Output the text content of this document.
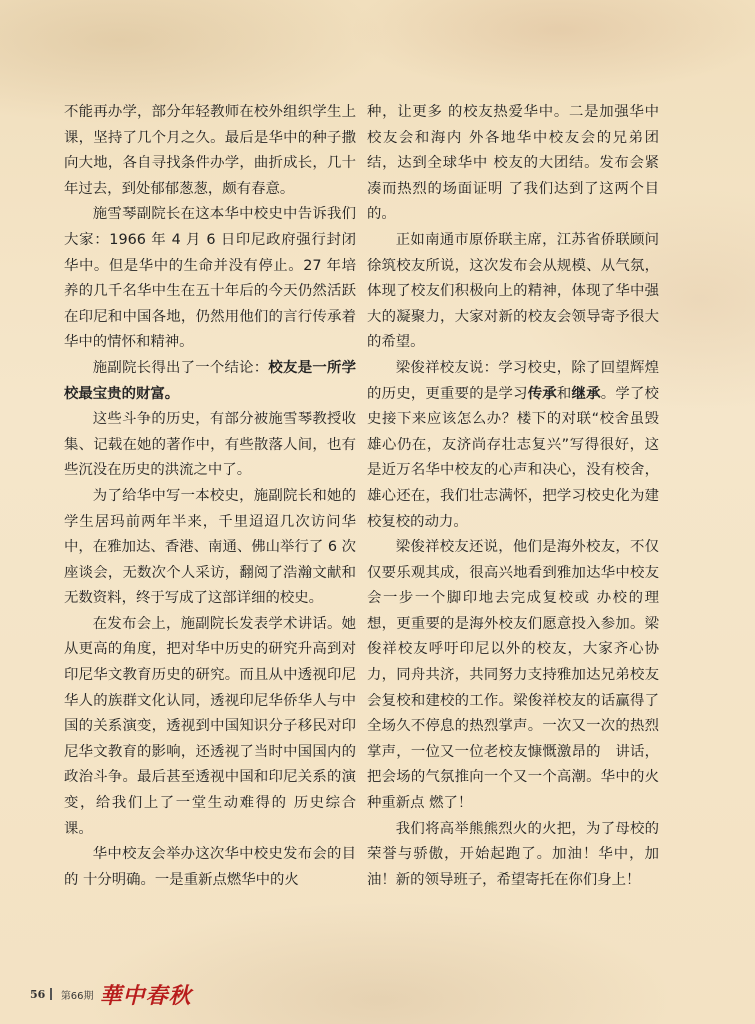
不能再办学，部分年轻教师在校外组织学生上课，坚持了几个月之久。最后是华中的种子撒向大地，各自寻找条件办学，曲折成长，几十年过去，到处郁郁葱葱，颇有春意。

施雪琴副院长在这本华中校史中告诉我们大家：1966 年 4 月 6 日印尼政府强行封闭华中。但是华中的生命并没有停止。27 年培养的几千名华中生在五十年后的今天仍然活跃在印尼和中国各地，仍然用他们的言行传承着华中的情怀和精神。

施副院长得出了一个结论：校友是一所学校最宝贵的财富。

这些斗争的历史，有部分被施雪琴教授收集、记载在她的著作中，有些散落人间，也有些沉没在历史的洪流之中了。

为了给华中写一本校史，施副院长和她的学生居玛前两年半来，千里迢迢几次访问华中，在雅加达、香港、南通、佛山举行了 6 次座谈会，无数次个人采访，翻阅了浩瀚文献和无数资料，终于写成了这部详细的校史。

在发布会上，施副院长发表学术讲话。她从更高的角度，把对华中历史的研究升高到对印尼华文教育历史的研究。而且从中透视印尼华人的族群文化认同，透视印尼华侨华人与中国的关系演变，透视到中国知识分子移民对印尼华文教育的影响，还透视了当时中国国内的政治斗争。最后甚至透视中国和印尼关系的演变，给我们上了一堂生动难得的 历史综合课。

华中校友会举办这次华中校史发布会的目的 十分明确。一是重新点燃华中的火

种，让更多 的校友热爱华中。二是加强华中校友会和海内 外各地华中校友会的兄弟团结，达到全球华中 校友的大团结。发布会紧凑而热烈的场面证明 了我们达到了这两个目的。

正如南通市原侨联主席，江苏省侨联顾问徐筑校友所说，这次发布会从规模、从气氛，体现了校友们积极向上的精神，体现了华中强大的凝聚力，大家对新的校友会领导寄予很大的希望。

梁俊祥校友说：学习校史，除了回望辉煌的历史，更重要的是学习传承和继承。学了校史接下来应该怎么办？楼下的对联“校舍虽毁雄心仍在，友济尚存壮志复兴”写得很好，这是近万名华中校友的心声和决心，没有校舍，雄心还在，我们壮志满怀，把学习校史化为建校复校的动力。

梁俊祥校友还说，他们是海外校友，不仅仅要乐观其成，很高兴地看到雅加达华中校友会一步一个脚印地去完成复校或 办校的理想，更重要的是海外校友们愿意投入参加。梁俊祥校友呼吁印尼以外的校友，大家齐心协力，同舟共济，共同努力支持雅加达兄弟校友会复校和建校的工作。梁俊祥校友的话赢得了全场久不停息的热烈掌声。一次又一次的热烈掌声，一位又一位老校友慷慨激昂的　讲话，把会场的气氛推向一个又一个高潮。华中的火种重新点 燃了！

我们将高举熊熊烈火的火把，为了母校的荣誉与骄傲，开始起跑了。加油！华中，加油！新的领导班子，希望寄托在你们身上！

56 第66期 華中春秋
